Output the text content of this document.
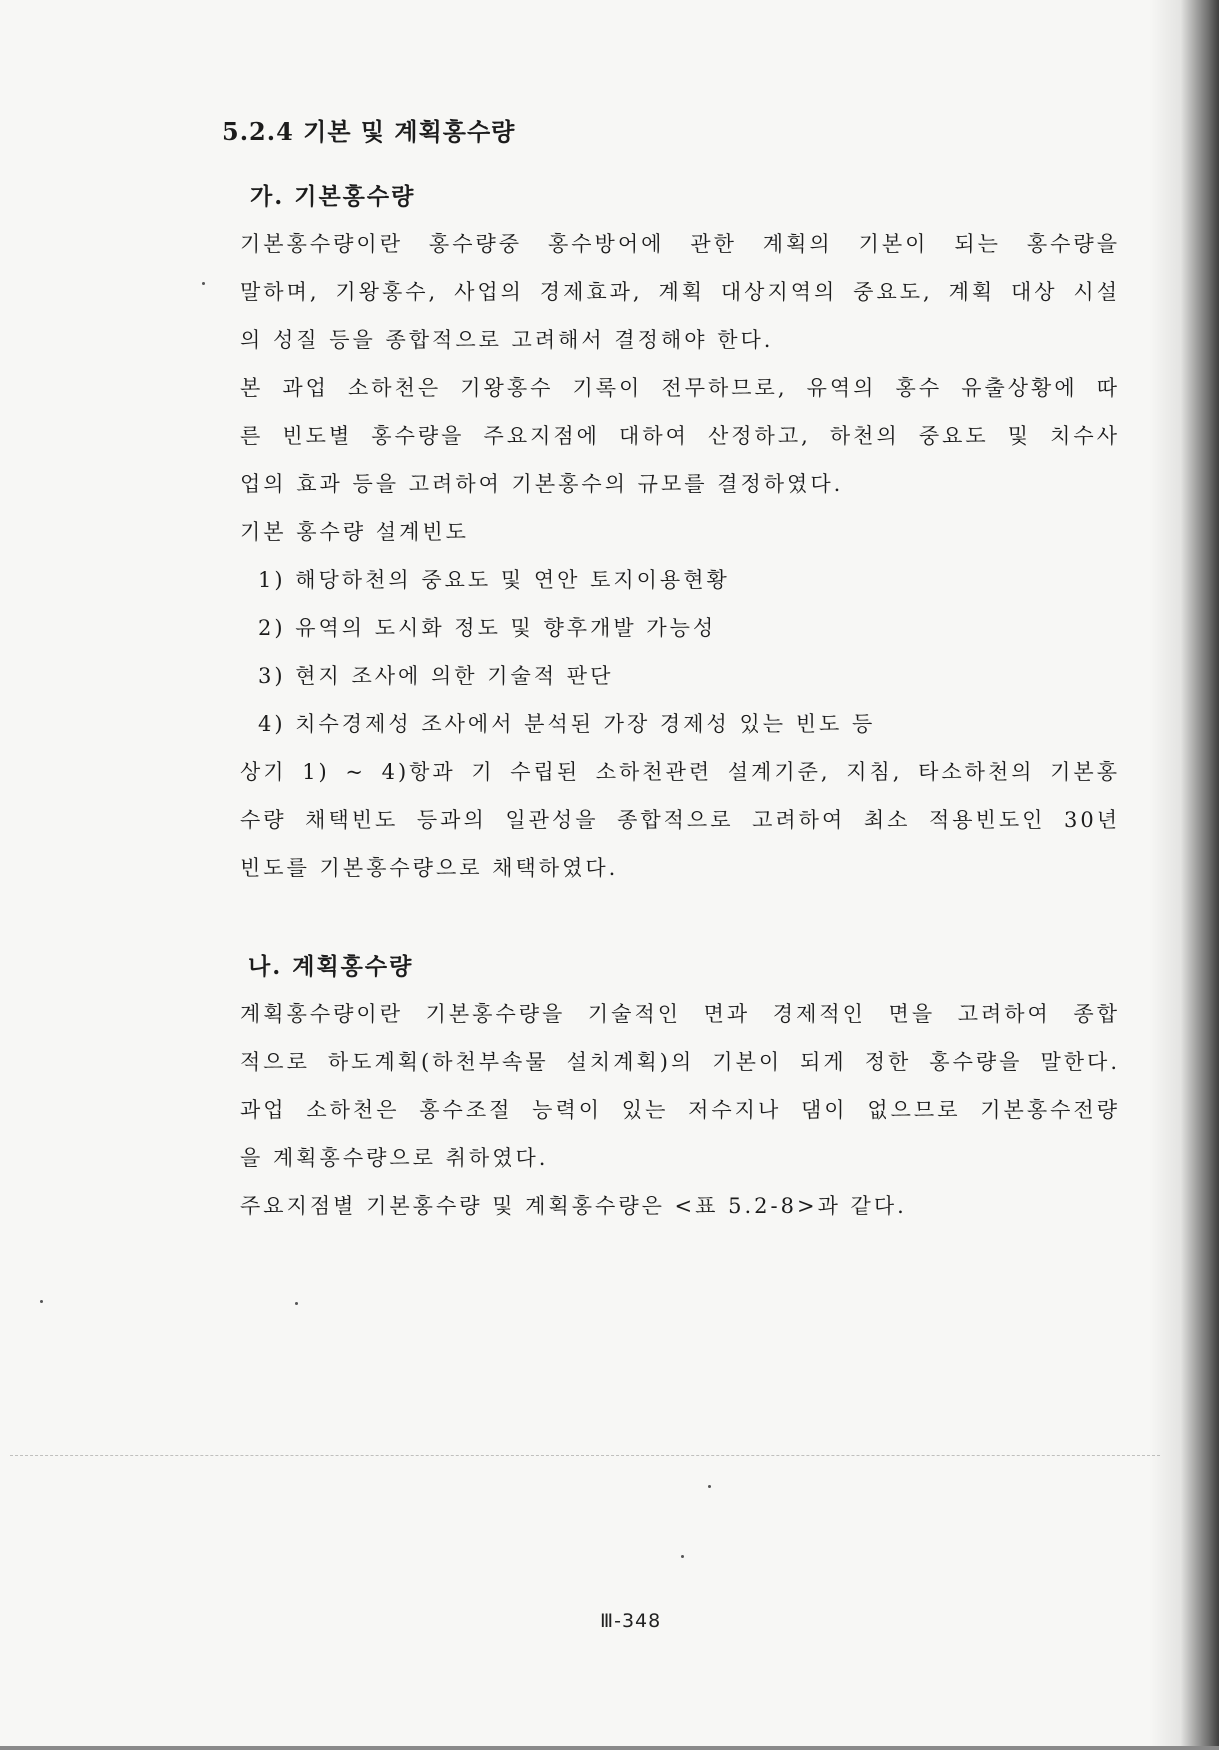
5.2.4 기본 및 계획홍수량
가. 기본홍수량
기본홍수량이란 홍수량중 홍수방어에 관한 계획의 기본이 되는 홍수량을
말하며, 기왕홍수, 사업의 경제효과, 계획 대상지역의 중요도, 계획 대상 시설
의 성질 등을 종합적으로 고려해서 결정해야 한다.
본 과업 소하천은 기왕홍수 기록이 전무하므로, 유역의 홍수 유출상황에 따
른 빈도별 홍수량을 주요지점에 대하여 산정하고, 하천의 중요도 및 치수사
업의 효과 등을 고려하여 기본홍수의 규모를 결정하였다.
기본 홍수량 설계빈도
1) 해당하천의 중요도 및 연안 토지이용현황
2) 유역의 도시화 정도 및 향후개발 가능성
3) 현지 조사에 의한 기술적 판단
4) 치수경제성 조사에서 분석된 가장 경제성 있는 빈도 등
상기 1) ~ 4)항과 기 수립된 소하천관련 설계기준, 지침, 타소하천의 기본홍
수량 채택빈도 등과의 일관성을 종합적으로 고려하여 최소 적용빈도인 30년
빈도를 기본홍수량으로 채택하였다.
나. 계획홍수량
계획홍수량이란 기본홍수량을 기술적인 면과 경제적인 면을 고려하여 종합
적으로 하도계획(하천부속물 설치계획)의 기본이 되게 정한 홍수량을 말한다.
과업 소하천은 홍수조절 능력이 있는 저수지나 댐이 없으므로 기본홍수전량
을 계획홍수량으로 취하였다.
주요지점별 기본홍수량 및 계획홍수량은 <표 5.2-8>과 같다.
Ⅲ-348
